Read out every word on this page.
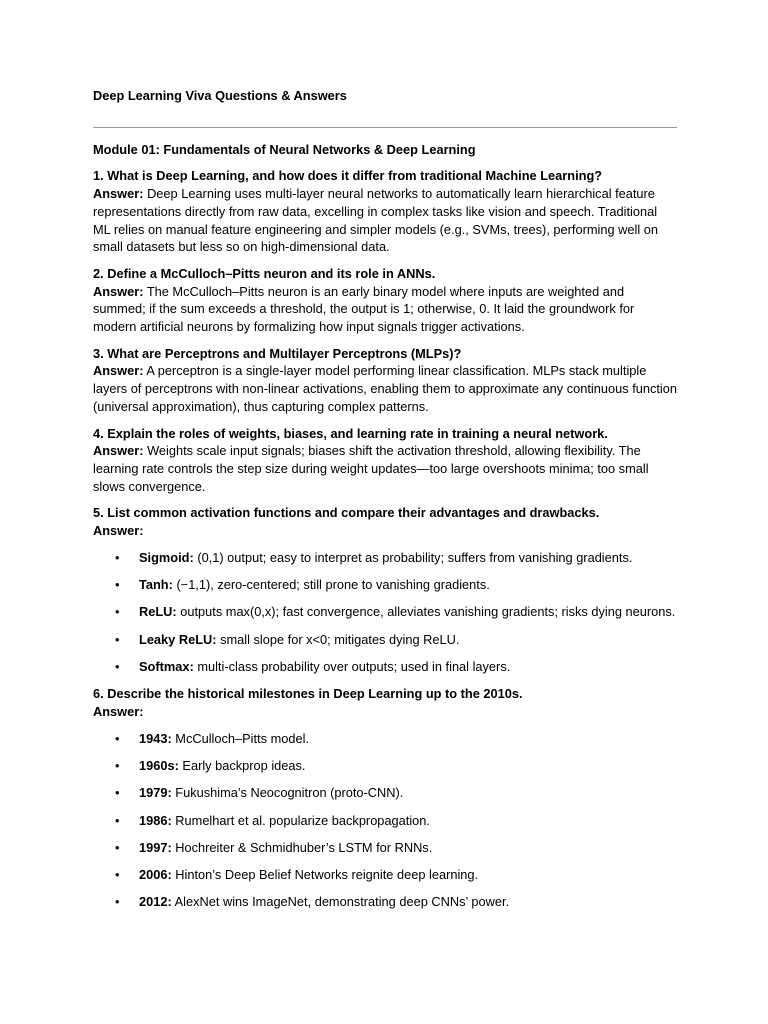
Deep Learning Viva Questions & Answers

Module 01: Fundamentals of Neural Networks & Deep Learning

1. What is Deep Learning, and how does it differ from traditional Machine Learning?

Answer: Deep Learning uses multi-layer neural networks to automatically learn hierarchical feature representations directly from raw data, excelling in complex tasks like vision and speech. Traditional ML relies on manual feature engineering and simpler models (e.g., SVMs, trees), performing well on small datasets but less so on high-dimensional data.

2. Define a McCulloch–Pitts neuron and its role in ANNs.

Answer: The McCulloch–Pitts neuron is an early binary model where inputs are weighted and summed; if the sum exceeds a threshold, the output is 1; otherwise, 0. It laid the groundwork for modern artificial neurons by formalizing how input signals trigger activations.

3. What are Perceptrons and Multilayer Perceptrons (MLPs)?

Answer: A perceptron is a single-layer model performing linear classification. MLPs stack multiple layers of perceptrons with non-linear activations, enabling them to approximate any continuous function (universal approximation), thus capturing complex patterns.

4. Explain the roles of weights, biases, and learning rate in training a neural network.

Answer: Weights scale input signals; biases shift the activation threshold, allowing flexibility. The learning rate controls the step size during weight updates—too large overshoots minima; too small slows convergence.

5. List common activation functions and compare their advantages and drawbacks.

Answer:

• Sigmoid: (0,1) output; easy to interpret as probability; suffers from vanishing gradients.
• Tanh: (−1,1), zero-centered; still prone to vanishing gradients.
• ReLU: outputs max(0,x); fast convergence, alleviates vanishing gradients; risks dying neurons.
• Leaky ReLU: small slope for x<0; mitigates dying ReLU.
• Softmax: multi-class probability over outputs; used in final layers.

6. Describe the historical milestones in Deep Learning up to the 2010s.

Answer:

• 1943: McCulloch–Pitts model.
• 1960s: Early backprop ideas.
• 1979: Fukushima’s Neocognitron (proto-CNN).
• 1986: Rumelhart et al. popularize backpropagation.
• 1997: Hochreiter & Schmidhuber’s LSTM for RNNs.
• 2006: Hinton’s Deep Belief Networks reignite deep learning.
• 2012: AlexNet wins ImageNet, demonstrating deep CNNs’ power.
